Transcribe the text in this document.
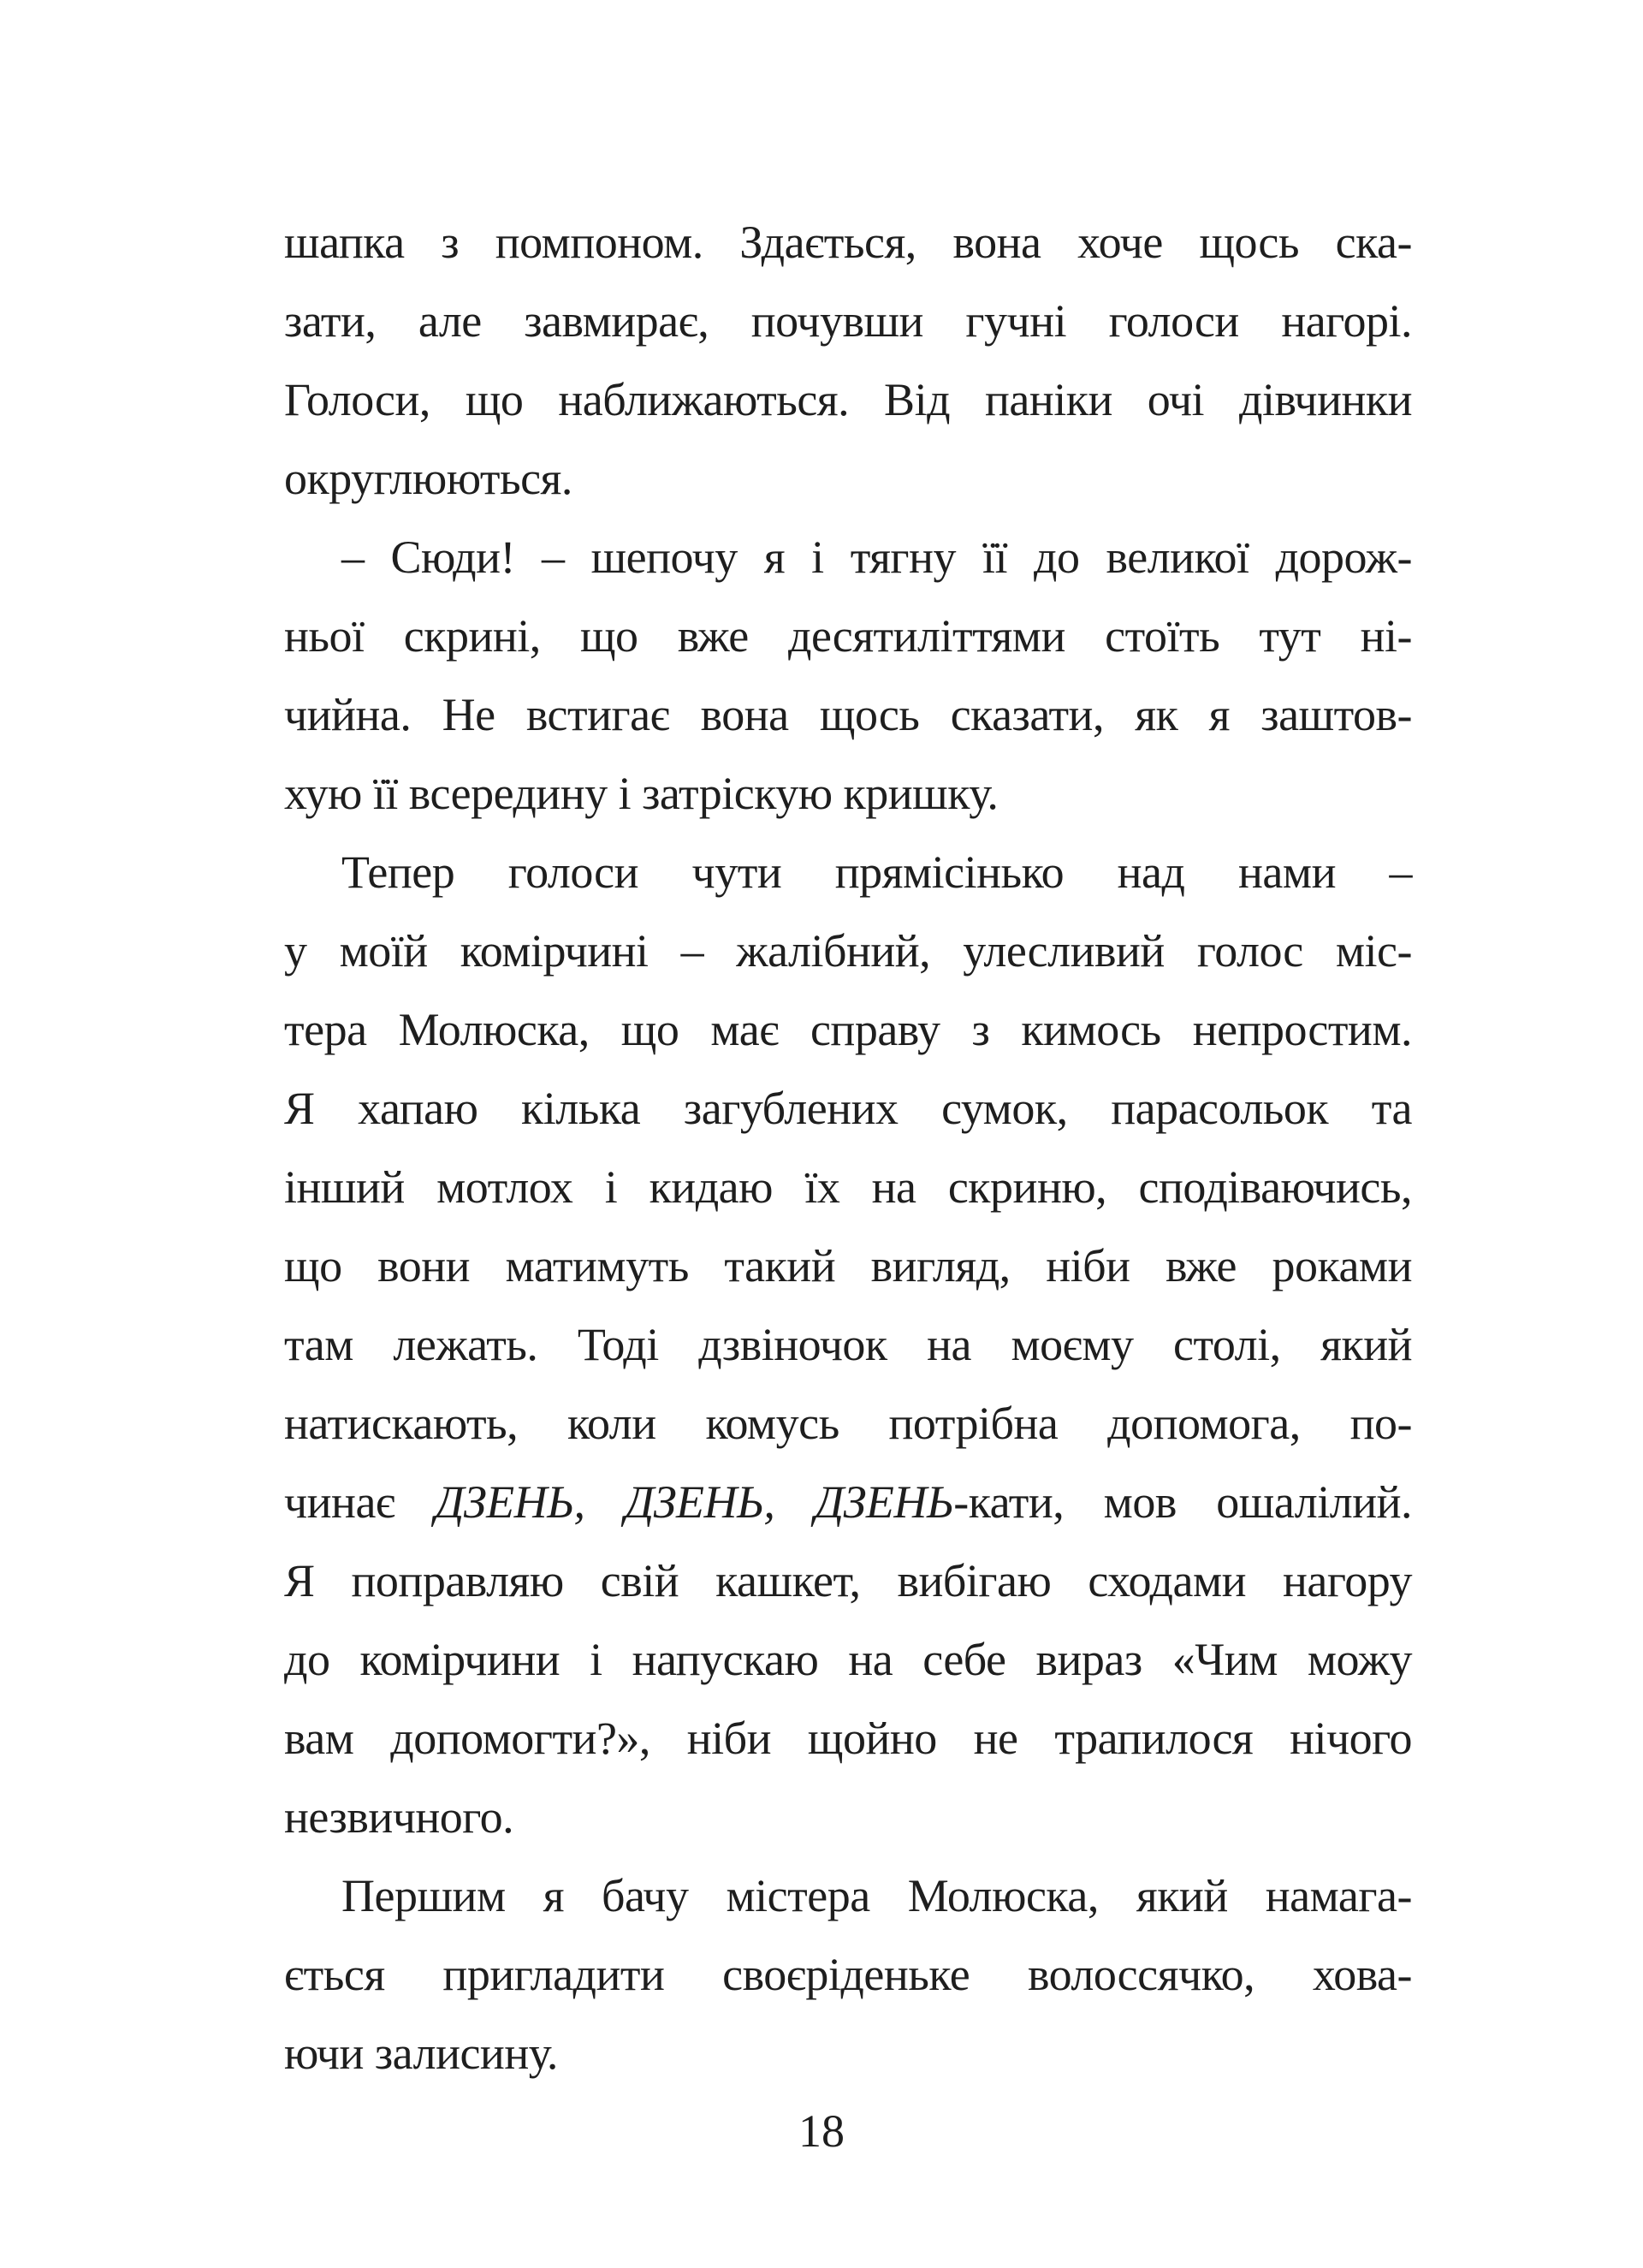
шапка з помпоном. Здається, вона хоче щось ска-
зати, але завмирає, почувши гучні голоси нагорі.
Голоси, що наближаються. Від паніки очі дівчинки
округлюються.
– Сюди! – шепочу я і тягну її до великої дорож-
ньої скрині, що вже десятиліттями стоїть тут ні-
чийна. Не встигає вона щось сказати, як я заштов-
хую її всередину і затріскую кришку.
Тепер голоси чути прямісінько над нами –
у моїй комірчині – жалібний, улесливий голос міс-
тера Молюска, що має справу з кимось непростим.
Я хапаю кілька загублених сумок, парасольок та
інший мотлох і кидаю їх на скриню, сподіваючись,
що вони матимуть такий вигляд, ніби вже роками
там лежать. Тоді дзвіночок на моєму столі, який
натискають, коли комусь потрібна допомога, по-
чинає ДЗЕНЬ, ДЗЕНЬ, ДЗЕНЬ-кати, мов ошалілий.
Я поправляю свій кашкет, вибігаю сходами нагору
до комірчини і напускаю на себе вираз «Чим можу
вам допомогти?», ніби щойно не трапилося нічого
незвичного.
Першим я бачу містера Молюска, який намага-
ється пригладити своєріденьке волоссячко, хова-
ючи залисину.
18
